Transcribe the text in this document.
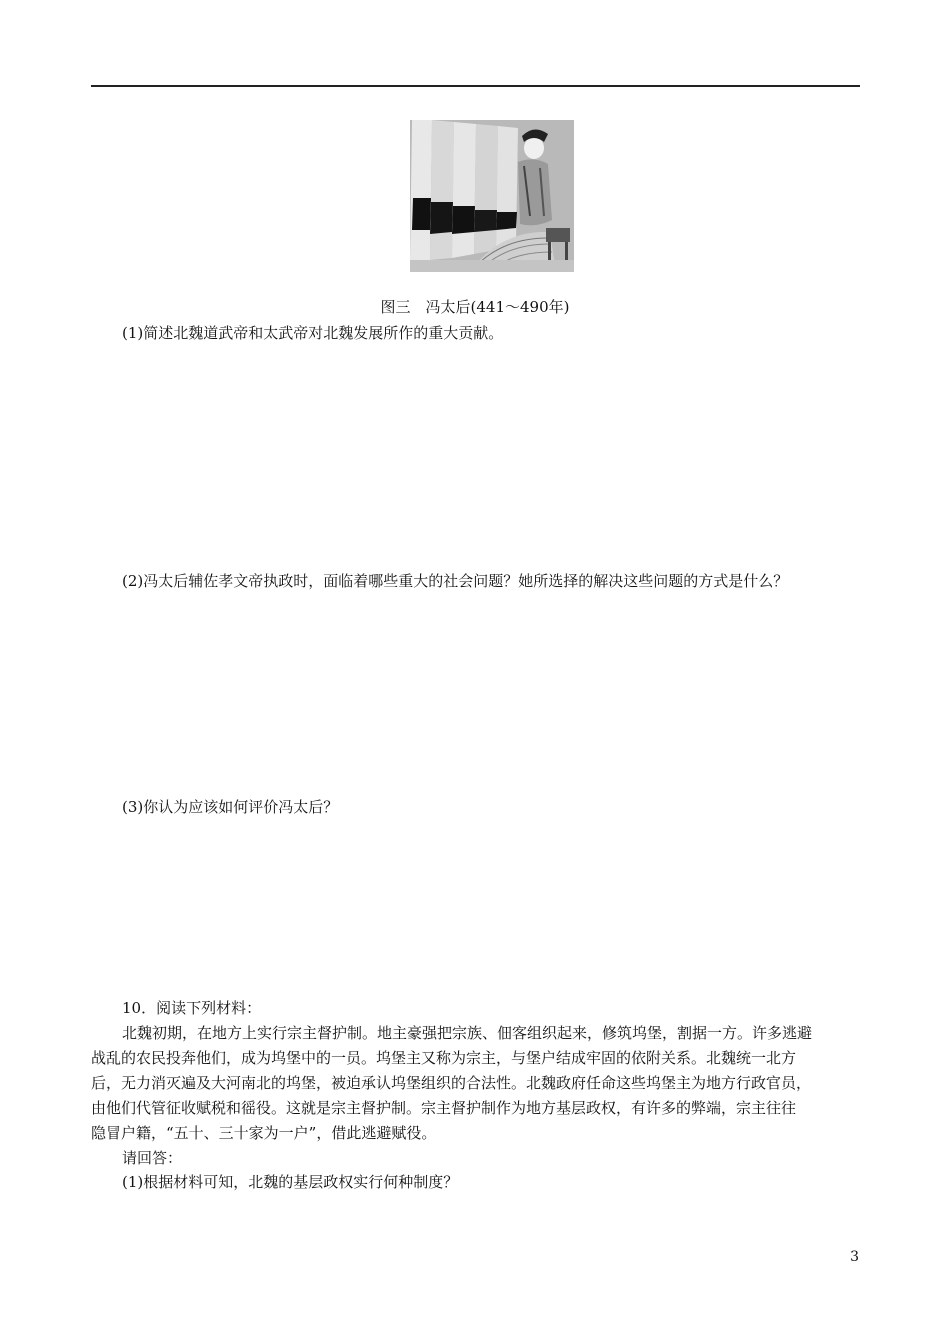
图三　冯太后(441～490年)
(1)简述北魏道武帝和太武帝对北魏发展所作的重大贡献。
(2)冯太后辅佐孝文帝执政时，面临着哪些重大的社会问题？她所选择的解决这些问题的方式是什么？
(3)你认为应该如何评价冯太后？
10．阅读下列材料：
北魏初期，在地方上实行宗主督护制。地主豪强把宗族、佃客组织起来，修筑坞堡，割据一方。许多逃避
战乱的农民投奔他们，成为坞堡中的一员。坞堡主又称为宗主，与堡户结成牢固的依附关系。北魏统一北方
后，无力消灭遍及大河南北的坞堡，被迫承认坞堡组织的合法性。北魏政府任命这些坞堡主为地方行政官员，
由他们代管征收赋税和徭役。这就是宗主督护制。宗主督护制作为地方基层政权，有许多的弊端，宗主往往
隐冒户籍，“五十、三十家为一户”，借此逃避赋役。
请回答：
(1)根据材料可知，北魏的基层政权实行何种制度？
3
